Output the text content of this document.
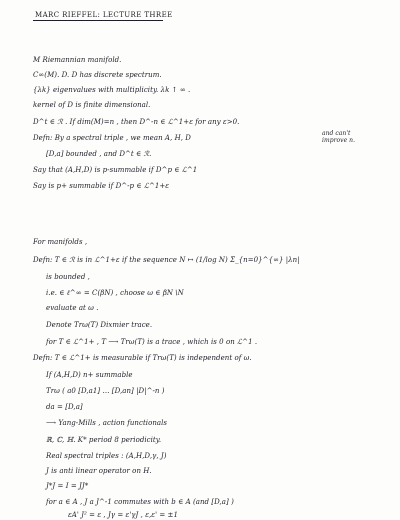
MARC RIEFFEL: LECTURE THREE
M Riemannian manifold.
C∞(M). D. D has discrete spectrum.
{λk} eigenvalues with multiplicity. λk ↑ ∞ .
kernel of D is finite dimensional.
D^t ∈ ℛ . If dim(M)=n , then D^-n ∈ ℒ^1+ε for any ε>0.
Defn: By a spectral triple , we mean A, H, D
and can't
improve n.
[D,a] bounded , and D^t ∈ ℛ.
Say that (A,H,D) is p-summable if D^p ∈ ℒ^1
Say is p+ summable if D^-p ∈ ℒ^1+ε
For manifolds ,
Defn: T ∈ ℛ is in ℒ^1+ε if the sequence N ↦ (1/log N) Σ_{n=0}^{∞} |λn|
is bounded ,
i.e. ∈ ℓ^∞ = C(βN) , choose ω ∈ βN∖N
evaluate at ω .
Denote Trω(T) Dixmier trace.
for T ∈ ℒ^1+ , T ⟶ Trω(T) is a trace , which is 0 on ℒ^1 .
Defn: T ∈ ℒ^1+ is measurable if Trω(T) is independent of ω.
If (A,H,D) n+ summable
Trω ( a0 [D,a1] … [D,an] |D|^-n )
da = [D,a]
⟶ Yang-Mills , action functionals
ℝ, ℂ, ℍ. K* period 8 periodicity.
Real spectral triples : (A,H,D,γ, J)
J is anti linear operator on H.
J*J = I = JJ*
for a ∈ A , J a J^-1 commutes with b ∈ A (and [D,a] )
εA' J² = ε , Jγ = ε'γJ , ε,ε' = ±1
